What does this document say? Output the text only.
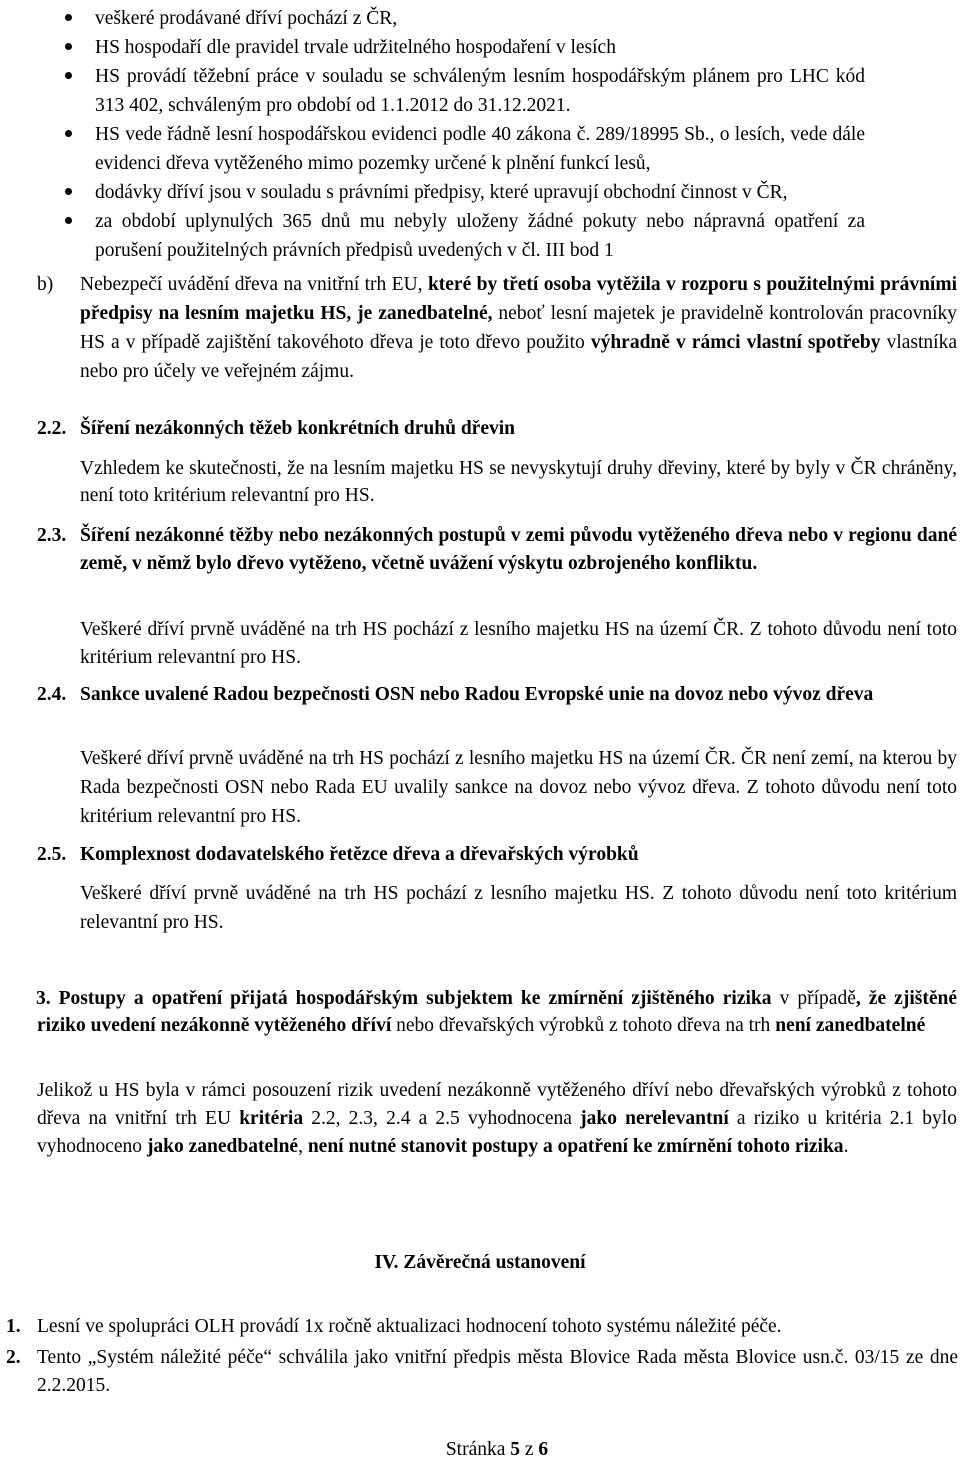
veškeré prodávané dříví pochází z ČR,
HS hospodaří dle pravidel trvale udržitelného hospodaření v lesích
HS provádí těžební práce v souladu se schváleným lesním hospodářským plánem pro LHC kód 313 402, schváleným pro období od 1.1.2012 do 31.12.2021.
HS vede řádně lesní hospodářskou evidenci podle 40 zákona č. 289/18995 Sb., o lesích, vede dále evidenci dřeva vytěženého mimo pozemky určené k plnění funkcí lesů,
dodávky dříví jsou v souladu s právními předpisy, které upravují obchodní činnost v ČR,
za období uplynulých 365 dnů mu nebyly uloženy žádné pokuty nebo nápravná opatření za porušení použitelných právních předpisů uvedených v čl. III bod 1
b)	Nebezpečí uvádění dřeva na vnitřní trh EU, které by třetí osoba vytěžila v rozporu s použitelnými právními předpisy na lesním majetku HS, je zanedbatelné, neboť lesní majetek je pravidelně kontrolován pracovníky HS a v případě zajištění takovéhoto dřeva je toto dřevo použito výhradně v rámci vlastní spotřeby vlastníka nebo pro účely ve veřejném zájmu.
2.2. Šíření nezákonných těžeb konkrétních druhů dřevin
Vzhledem ke skutečnosti, že na lesním majetku HS se nevyskytují druhy dřeviny, které by byly v ČR chráněny, není toto kritérium relevantní pro HS.
2.3. Šíření nezákonné těžby nebo nezákonných postupů v zemi původu vytěženého dřeva nebo v regionu dané země, v němž bylo dřevo vytěženo, včetně uvážení výskytu ozbrojeného konfliktu.
Veškeré dříví prvně uváděné na trh HS pochází z lesního majetku HS na území ČR. Z tohoto důvodu není toto kritérium relevantní pro HS.
2.4. Sankce uvalené Radou bezpečnosti OSN nebo Radou Evropské unie na dovoz nebo vývoz dřeva
Veškeré dříví prvně uváděné na trh HS pochází z lesního majetku HS na území ČR. ČR není zemí, na kterou by Rada bezpečnosti OSN nebo Rada EU uvalily sankce na dovoz nebo vývoz dřeva. Z tohoto důvodu není toto kritérium relevantní pro HS.
2.5. Komplexnost dodavatelského řetězce dřeva a dřevařských výrobků
Veškeré dříví prvně uváděné na trh HS pochází z lesního majetku HS. Z tohoto důvodu není toto kritérium relevantní pro HS.
3. Postupy a opatření přijatá hospodářským subjektem ke zmírnění zjištěného rizika v případě, že zjištěné riziko uvedení nezákonně vytěženého dříví nebo dřevařských výrobků z tohoto dřeva na trh není zanedbatelné
Jelikož u HS byla v rámci posouzení rizik uvedení nezákonně vytěženého dříví nebo dřevařských výrobků z tohoto dřeva na vnitřní trh EU kritéria 2.2, 2.3, 2.4 a 2.5 vyhodnocena jako nerelevantní a riziko u kritéria 2.1 bylo vyhodnoceno jako zanedbatelné, není nutné stanovit postupy a opatření ke zmírnění tohoto rizika.
IV. Závěrečná ustanovení
1. Lesní ve spolupráci OLH provádí 1x ročně aktualizaci hodnocení tohoto systému náležité péče.
2. Tento „Systém náležité péče“ schválila jako vnitřní předpis města Blovice Rada města Blovice usn.č. 03/15 ze dne 2.2.2015.
Stránka 5 z 6
